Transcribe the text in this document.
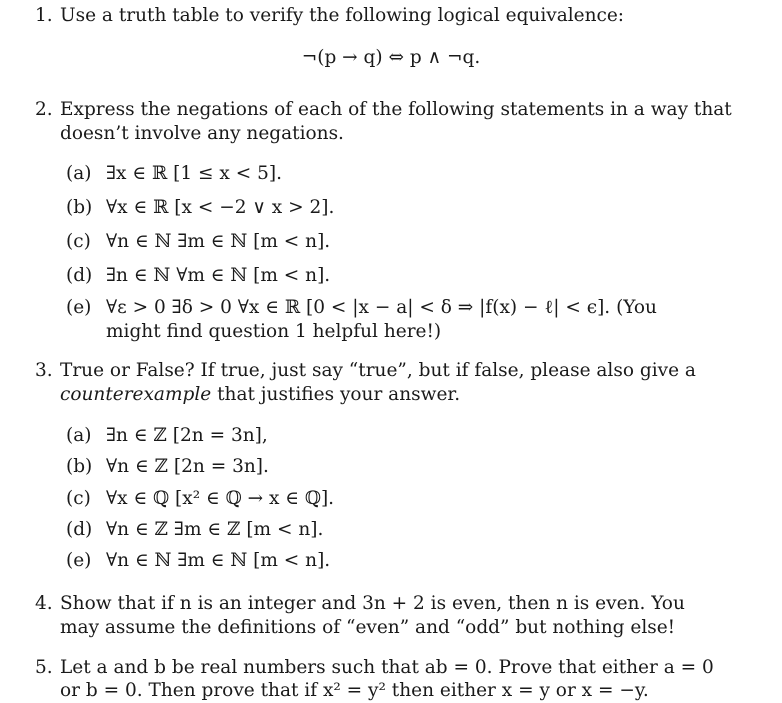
1. Use a truth table to verify the following logical equivalence:
¬(p → q) ⇔ p ∧ ¬q.
2. Express the negations of each of the following statements in a way that
doesn’t involve any negations.
(a) ∃x ∈ ℝ [1 ≤ x < 5].
(b) ∀x ∈ ℝ [x < −2 ∨ x > 2].
(c) ∀n ∈ ℕ ∃m ∈ ℕ [m < n].
(d) ∃n ∈ ℕ ∀m ∈ ℕ [m < n].
(e) ∀ε > 0 ∃δ > 0 ∀x ∈ ℝ [0 < |x − a| < δ ⇒ |f(x) − ℓ| < ϵ]. (You
might find question 1 helpful here!)
3. True or False? If true, just say “true”, but if false, please also give a
counterexample that justifies your answer.
(a) ∃n ∈ ℤ [2n = 3n],
(b) ∀n ∈ ℤ [2n = 3n].
(c) ∀x ∈ ℚ [x² ∈ ℚ → x ∈ ℚ].
(d) ∀n ∈ ℤ ∃m ∈ ℤ [m < n].
(e) ∀n ∈ ℕ ∃m ∈ ℕ [m < n].
4. Show that if n is an integer and 3n + 2 is even, then n is even. You
may assume the definitions of “even” and “odd” but nothing else!
5. Let a and b be real numbers such that ab = 0. Prove that either a = 0
or b = 0. Then prove that if x² = y² then either x = y or x = −y.
